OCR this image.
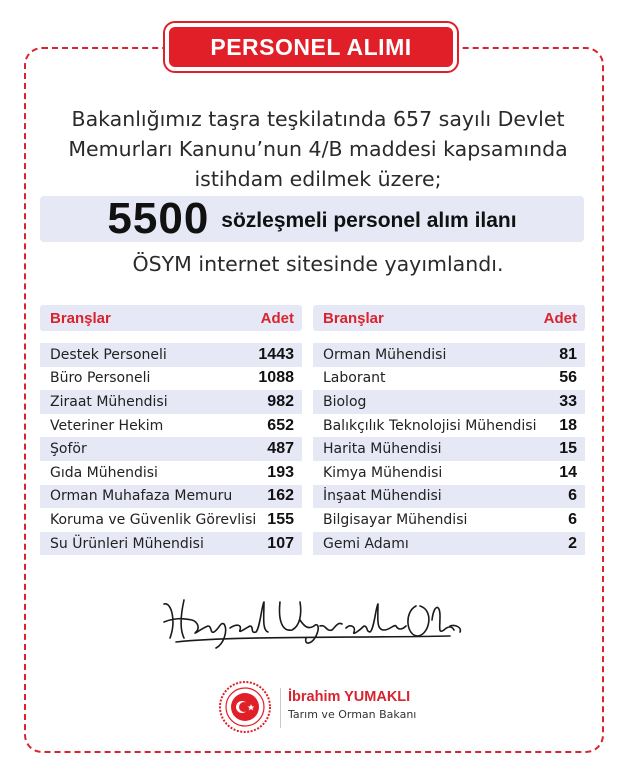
PERSONEL ALIMI
Bakanlığımız taşra teşkilatında 657 sayılı Devlet
Memurları Kanunu’nun 4/B maddesi kapsamında
istihdam edilmek üzere;
5500 sözleşmeli personel alım ilanı
ÖSYM internet sitesinde yayımlandı.
Branşlar	Adet
Destek Personeli	1443
Büro Personeli	1088
Ziraat Mühendisi	982
Veteriner Hekim	652
Şoför	487
Gıda Mühendisi	193
Orman Muhafaza Memuru 162
Koruma ve Güvenlik Görevlisi 155
Su Ürünleri Mühendisi	107
Branşlar	Adet
Orman Mühendisi	81
Laborant	56
Biolog	33
Balıkçılık Teknolojisi Mühendisi 18
Harita Mühendisi	15
Kimya Mühendisi	14
İnşaat Mühendisi	6
Bilgisayar Mühendisi	6
Gemi Adamı	2
İbrahim YUMAKLI
Tarım ve Orman Bakanı
